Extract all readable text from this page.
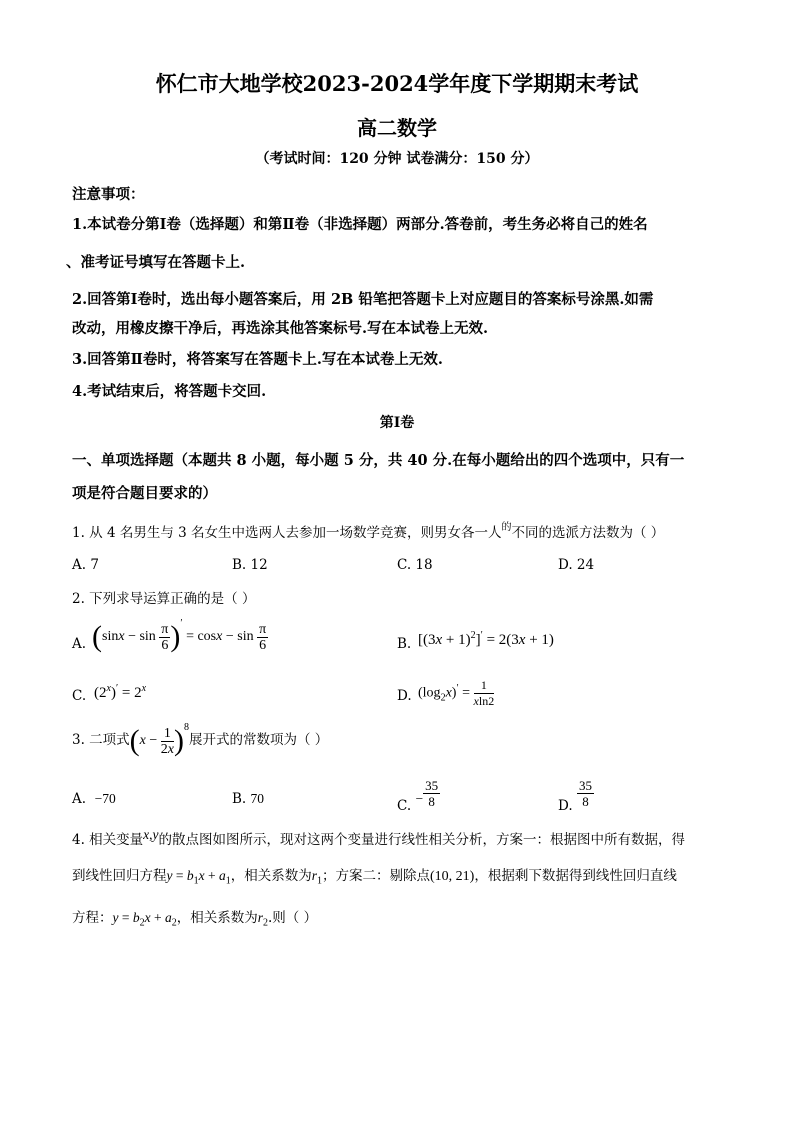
怀仁市大地学校2023-2024学年度下学期期末考试
高二数学
（考试时间：120 分钟 试卷满分：150 分）
注意事项：
1.本试卷分第Ⅰ卷（选择题）和第Ⅱ卷（非选择题）两部分.答卷前，考生务必将自己的姓名
、准考证号填写在答题卡上.
2.回答第Ⅰ卷时，选出每小题答案后，用 2B 铅笔把答题卡上对应题目的答案标号涂黑.如需
改动，用橡皮擦干净后，再选涂其他答案标号.写在本试卷上无效.
3.回答第Ⅱ卷时，将答案写在答题卡上.写在本试卷上无效.
4.考试结束后，将答题卡交回.
第Ⅰ卷
一、单项选择题（本题共 8 小题，每小题 5 分，共 40 分.在每小题给出的四个选项中，只有一
项是符合题目要求的）
1. 从 4 名男生与 3 名女生中选两人去参加一场数学竞赛，则男女各一人$^的$不同的选派方法数为（ ）
A. 7	B. 12	C. 18	D. 24
2. 下列求导运算正确的是（ ）
A. $(\sin x - \sin \frac{\pi}{6} )' = \cos x - \sin \frac{\pi}{6}$	B. $[(3x + 1)^2]' = 2(3x + 1)$
C. $(2^x)' = 2^x$	D. $(\log_2x)' = \frac{1}{xln2}$
3. 二项式$(x - \frac{1}{2x} )^8$展开式的常数项为（ ）
A. −70	B. 70	C. − $\frac{35}{8}$	D. $\frac{35}{8}$
4. 相关变量x,y的散点图如图所示，现对这两个变量进行线性相关分析，方案一：根据图中所有数据，得
到线性回归方程$y = b_1x + a_1$，相关系数为$r_1$；方案二：剔除点(10, 21)，根据剩下数据得到线性回归直线
方程：$y = b_2x + a_2$，相关系数为$r_2$.则（ ）
